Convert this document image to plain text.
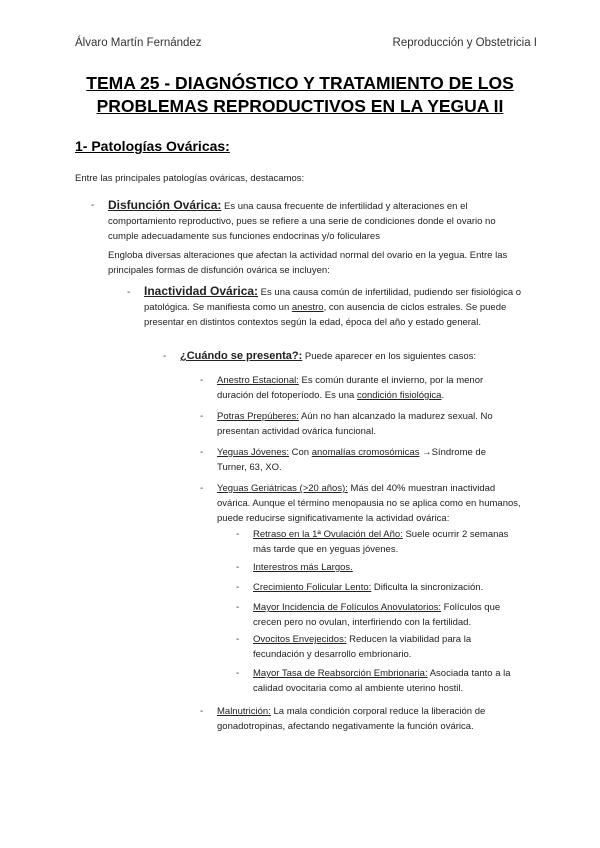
Álvaro Martín Fernández	Reproducción y Obstetricia I
TEMA 25 - DIAGNÓSTICO Y TRATAMIENTO DE LOS
PROBLEMAS REPRODUCTIVOS EN LA YEGUA II
1- Patologías Ováricas:
Entre las principales patologías ováricas, destacamos:
- Disfunción Ovárica: Es una causa frecuente de infertilidad y alteraciones en el comportamiento reproductivo, pues se refiere a una serie de condiciones donde el ovario no cumple adecuadamente sus funciones endocrinas y/o foliculares
Engloba diversas alteraciones que afectan la actividad normal del ovario en la yegua. Entre las principales formas de disfunción ovárica se incluyen:
- Inactividad Ovárica: Es una causa común de infertilidad, pudiendo ser fisiológica o patológica. Se manifiesta como un anestro, con ausencia de ciclos estrales. Se puede presentar en distintos contextos según la edad, época del año y estado general.
- ¿Cuándo se presenta?: Puede aparecer en los siguientes casos:
- Anestro Estacional: Es común durante el invierno, por la menor duración del fotoperíodo. Es una condición fisiológica.
- Potras Prepúberes: Aún no han alcanzado la madurez sexual. No presentan actividad ovárica funcional.
- Yeguas Jóvenes: Con anomalías cromosómicas →Síndrome de Turner, 63, XO.
- Yeguas Geriátricas (>20 años): Más del 40% muestran inactividad ovárica. Aunque el término menopausia no se aplica como en humanos, puede reducirse significativamente la actividad ovárica:
- Retraso en la 1ª Ovulación del Año: Suele ocurrir 2 semanas más tarde que en yeguas jóvenes.
- Interestros más Largos.
- Crecimiento Folicular Lento: Dificulta la sincronización.
- Mayor Incidencia de Folículos Anovulatorios: Folículos que crecen pero no ovulan, interfiriendo con la fertilidad.
- Ovocitos Envejecidos: Reducen la viabilidad para la fecundación y desarrollo embrionario.
- Mayor Tasa de Reabsorción Embrionaria: Asociada tanto a la calidad ovocitaria como al ambiente uterino hostil.
- Malnutrición: La mala condición corporal reduce la liberación de gonadotropinas, afectando negativamente la función ovárica.
